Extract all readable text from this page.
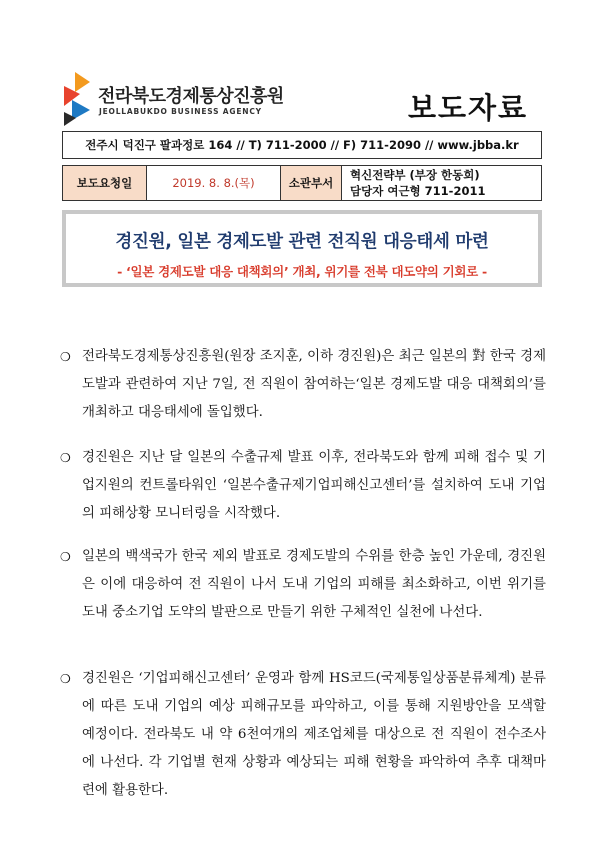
전라북도경제통상진흥원
JEOLLABUKDO BUSINESS AGENCY	보도자료
전주시 덕진구 팔과정로 164 // T) 711-2000 // F) 711-2090 // www.jbba.kr
보도요청일	2019. 8. 8.(목)	소관부서	
혁신전략부 (부장 한동희)
담당자 여근형 711-2011
경진원, 일본 경제도발 관련 전직원 대응태세 마련
- ‘일본 경제도발 대응 대책회의’ 개최, 위기를 전북 대도약의 기회로 -
❍ 전라북도경제통상진흥원(원장 조지훈, 이하 경진원)은 최근 일본의 對 한국 경제도발과 관련하여 지난 7일, 전 직원이 참여하는‘일본 경제도발 대응 대책회의’를 개최하고 대응태세에 돌입했다.
❍ 경진원은 지난 달 일본의 수출규제 발표 이후, 전라북도와 함께 피해 접수 및 기업지원의 컨트롤타워인 ‘일본수출규제기업피해신고센터’를 설치하여 도내 기업의 피해상황 모니터링을 시작했다.
❍ 일본의 백색국가 한국 제외 발표로 경제도발의 수위를 한층 높인 가운데, 경진원은 이에 대응하여 전 직원이 나서 도내 기업의 피해를 최소화하고, 이번 위기를 도내 중소기업 도약의 발판으로 만들기 위한 구체적인 실천에 나선다.
❍ 경진원은 ‘기업피해신고센터’ 운영과 함께 HS코드(국제통일상품분류체계) 분류에 따른 도내 기업의 예상 피해규모를 파악하고, 이를 통해 지원방안을 모색할 예정이다. 전라북도 내 약 6천여개의 제조업체를 대상으로 전 직원이 전수조사에 나선다. 각 기업별 현재 상황과 예상되는 피해 현황을 파악하여 추후 대책마련에 활용한다.
